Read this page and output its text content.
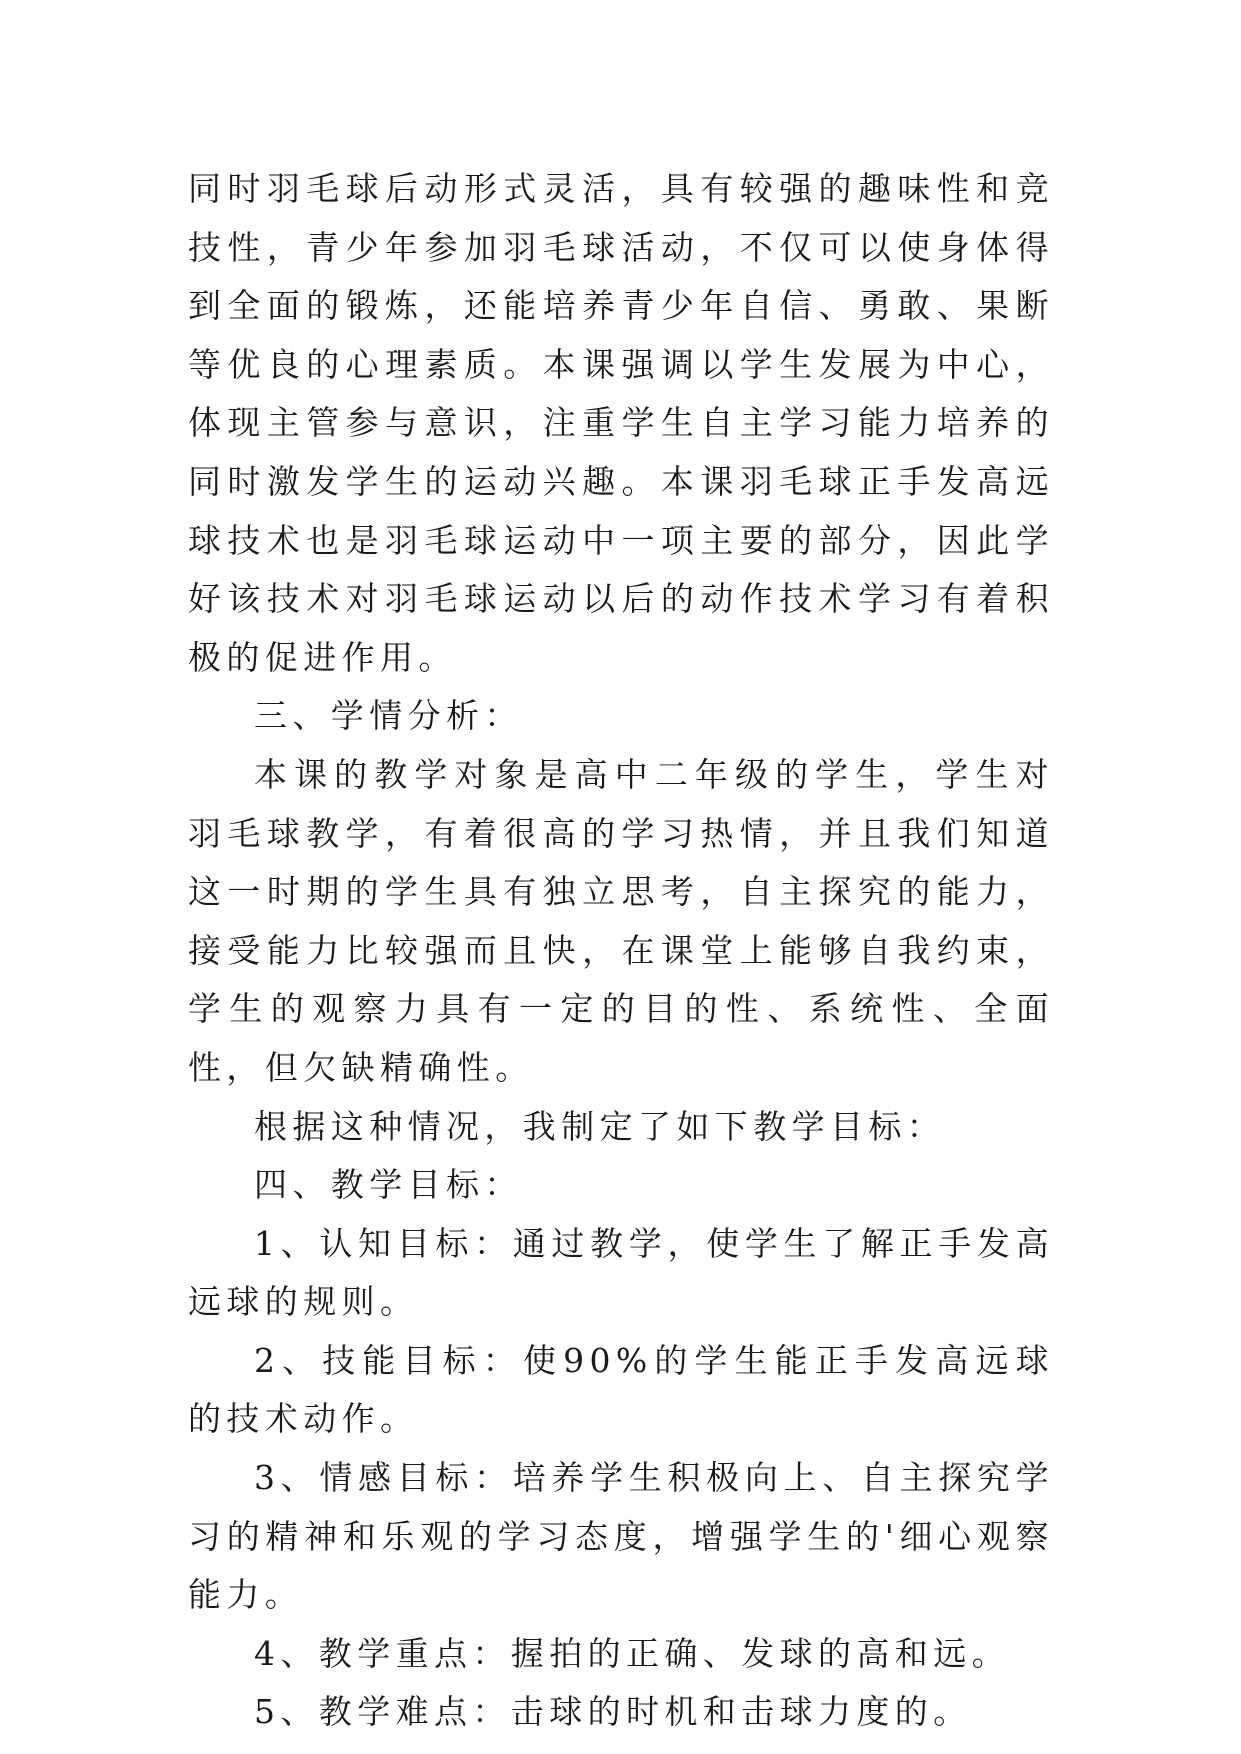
同时羽毛球后动形式灵活，具有较强的趣味性和竞技性，青少年参加羽毛球活动，不仅可以使身体得到全面的锻炼，还能培养青少年自信、勇敢、果断等优良的心理素质。本课强调以学生发展为中心，体现主管参与意识，注重学生自主学习能力培养的同时激发学生的运动兴趣。本课羽毛球正手发高远球技术也是羽毛球运动中一项主要的部分，因此学好该技术对羽毛球运动以后的动作技术学习有着积极的促进作用。

三、学情分析：

本课的教学对象是高中二年级的学生，学生对羽毛球教学，有着很高的学习热情，并且我们知道这一时期的学生具有独立思考，自主探究的能力，接受能力比较强而且快，在课堂上能够自我约束，学生的观察力具有一定的目的性、系统性、全面性，但欠缺精确性。

根据这种情况，我制定了如下教学目标：

四、教学目标：

1、认知目标：通过教学，使学生了解正手发高远球的规则。

2、技能目标：使90%的学生能正手发高远球的技术动作。

3、情感目标：培养学生积极向上、自主探究学习的精神和乐观的学习态度，增强学生的'细心观察能力。

4、教学重点：握拍的正确、发球的高和远。

5、教学难点：击球的时机和击球力度的。
